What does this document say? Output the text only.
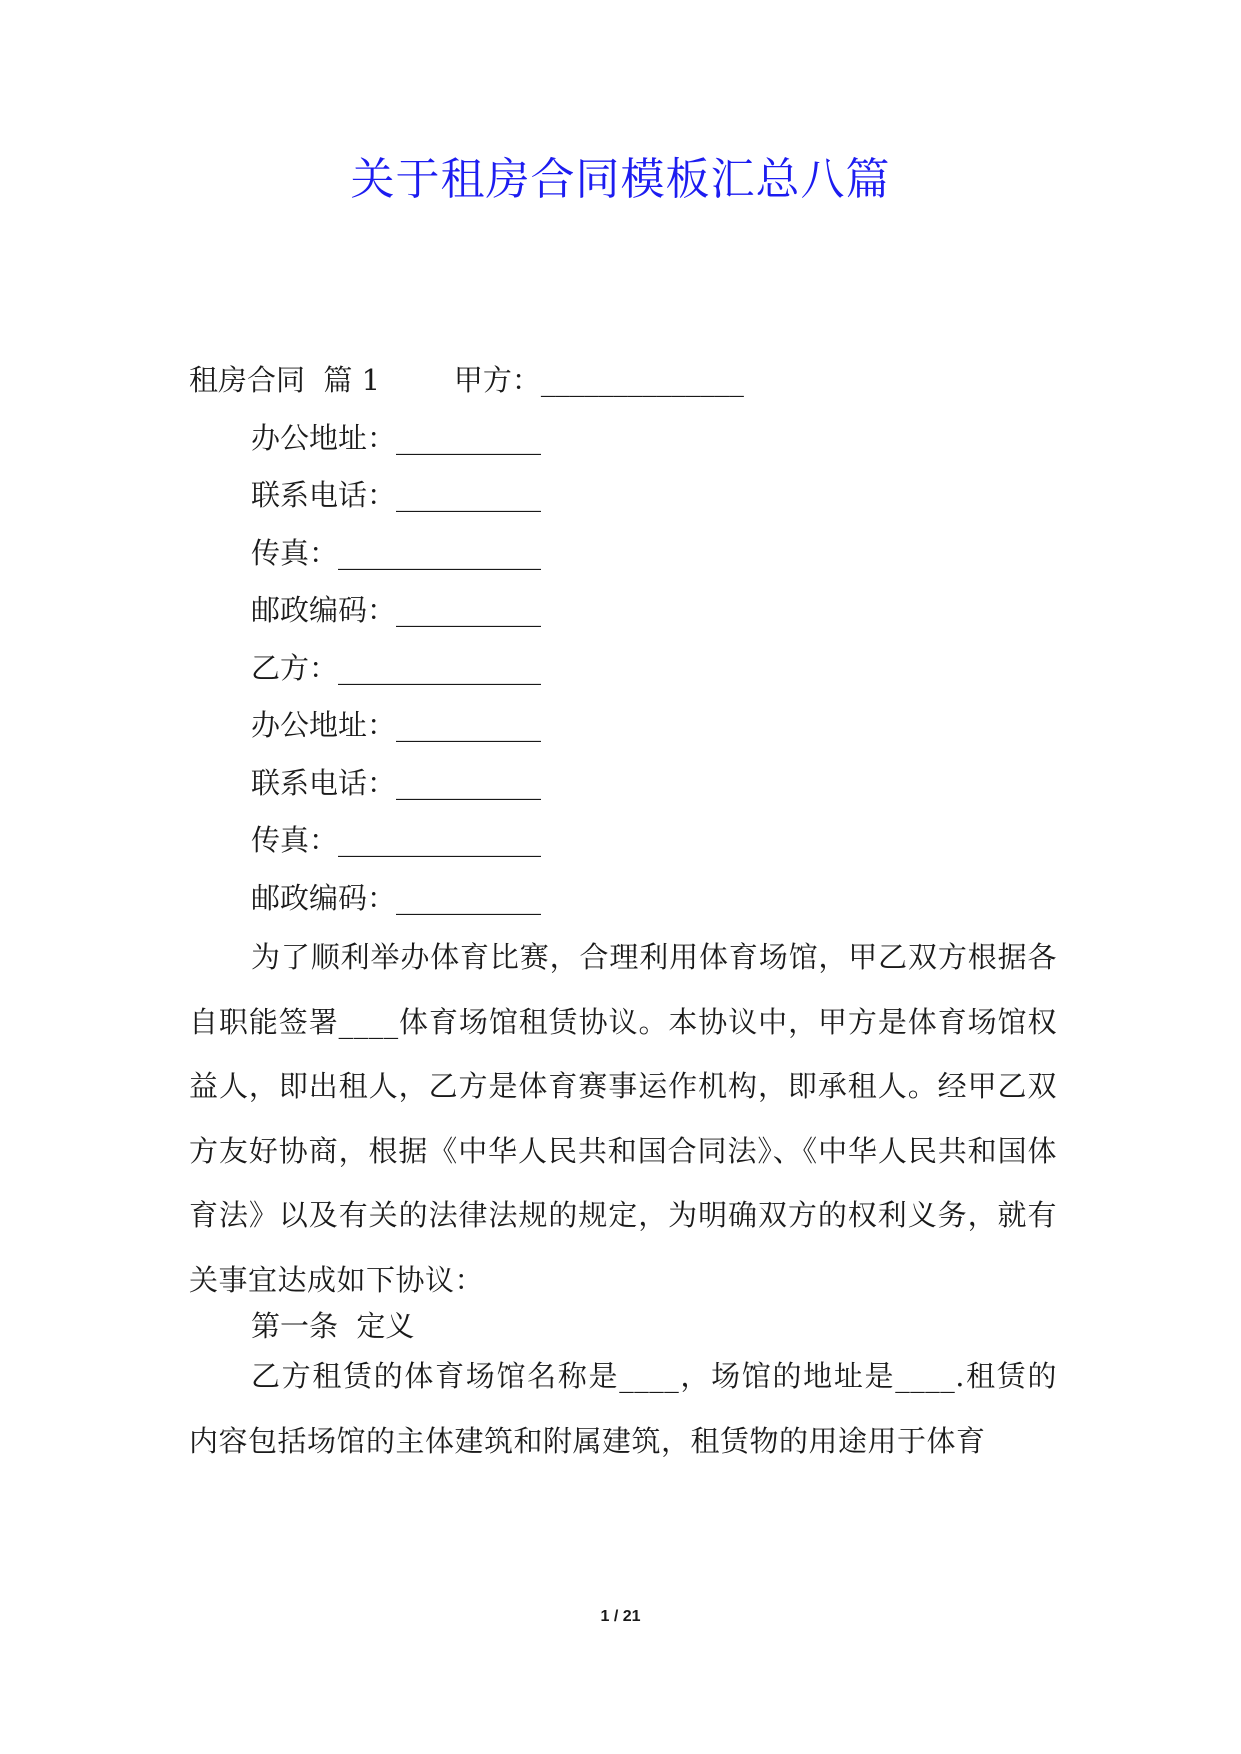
关于租房合同模板汇总八篇

租房合同  篇 1        甲方：______________

办公地址：__________

联系电话：__________

传真：______________

邮政编码：__________

乙方：______________

办公地址：__________

联系电话：__________

传真：______________

邮政编码：__________

为了顺利举办体育比赛，合理利用体育场馆，甲乙双方根据各自职能签署____体育场馆租赁协议。本协议中，甲方是体育场馆权益人，即出租人，乙方是体育赛事运作机构，即承租人。经甲乙双方友好协商，根据《中华人民共和国合同法》、《中华人民共和国体育法》以及有关的法律法规的规定，为明确双方的权利义务，就有关事宜达成如下协议：

第一条  定义

乙方租赁的体育场馆名称是____，场馆的地址是____.租赁的内容包括场馆的主体建筑和附属建筑，租赁物的用途用于体育

1 / 21
